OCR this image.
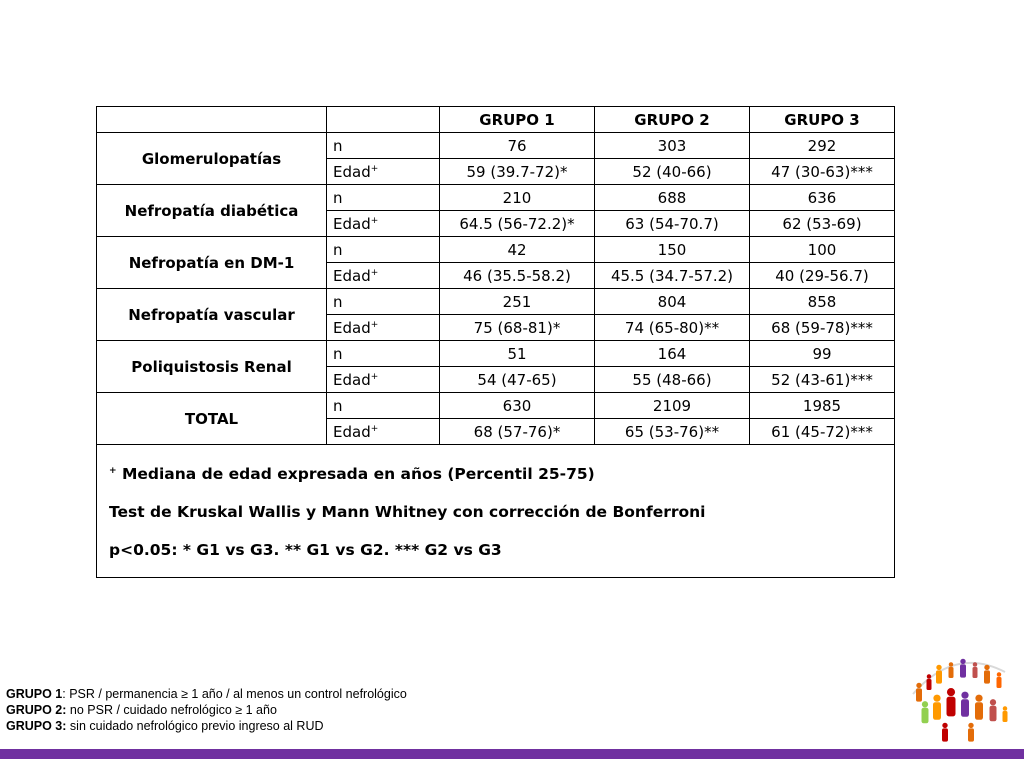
		GRUPO 1	GRUPO 2	GRUPO 3
Glomerulopatías	n	76	303	292
	Edad+	59 (39.7-72)*	52 (40-66)	47 (30-63)***
Nefropatía diabética	n	210	688	636
	Edad+	64.5 (56-72.2)*	63 (54-70.7)	62 (53-69)
Nefropatía en DM-1	n	42	150	100
	Edad+	46 (35.5-58.2)	45.5 (34.7-57.2)	40 (29-56.7)
Nefropatía vascular	n	251	804	858
	Edad+	75 (68-81)*	74 (65-80)**	68 (59-78)***
Poliquistosis Renal	n	51	164	99
	Edad+	54 (47-65)	55 (48-66)	52 (43-61)***
TOTAL	n	630	2109	1985
	Edad+	68 (57-76)*	65 (53-76)**	61 (45-72)***

+ Mediana de edad expresada en años (Percentil 25-75)
Test de Kruskal Wallis y Mann Whitney con corrección de Bonferroni
p<0.05: * G1 vs G3. ** G1 vs G2. *** G2 vs G3				
GRUPO 1: PSR / permanencia ≥ 1 año / al menos un control nefrológico
GRUPO 2: no PSR / cuidado nefrológico ≥ 1 año
GRUPO 3: sin cuidado nefrológico previo ingreso al RUD
